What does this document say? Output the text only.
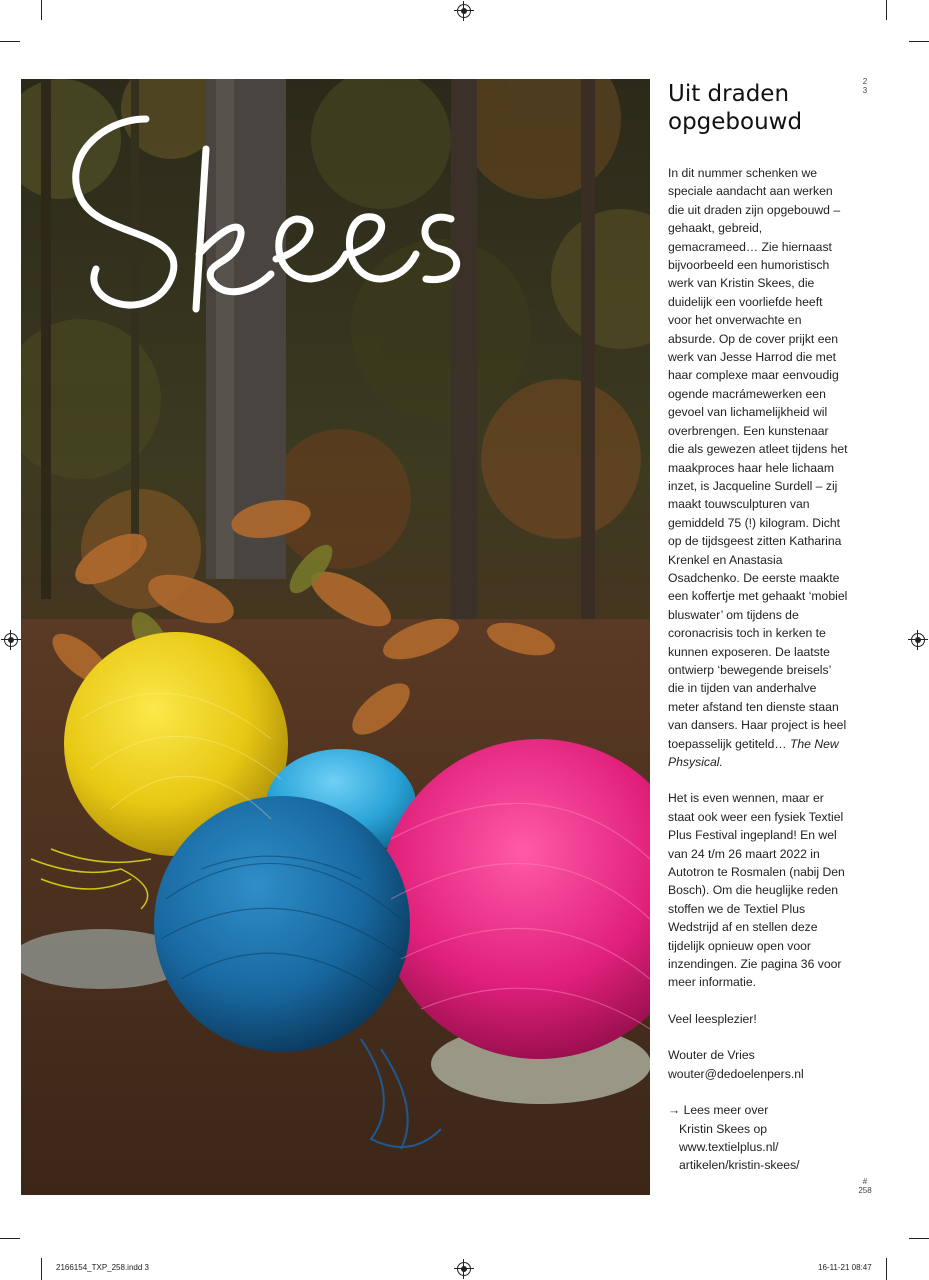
2
3
Uit draden
opgebouwd

In dit nummer schenken we speciale aandacht aan werken die uit draden zijn opgebouwd – gehaakt, gebreid, gemacrameed… Zie hiernaast bijvoorbeeld een humoristisch werk van Kristin Skees, die duidelijk een voorliefde heeft voor het onverwachte en absurde. Op de cover prijkt een werk van Jesse Harrod die met haar complexe maar eenvoudig ogende macrámewerken een gevoel van lichamelijkheid wil overbrengen. Een kunstenaar die als gewezen atleet tijdens het maakproces haar hele lichaam inzet, is Jacqueline Surdell – zij maakt touwsculpturen van gemiddeld 75 (!) kilogram. Dicht op de tijdsgeest zitten Katharina Krenkel en Anastasia Osadchenko. De eerste maakte een koffertje met gehaakt ‘mobiel bluswater’ om tijdens de coronacrisis toch in kerken te kunnen exposeren. De laatste ontwierp ‘bewegende breisels’ die in tijden van anderhalve meter afstand ten dienste staan van dansers. Haar project is heel toepasselijk getiteld… The New Phsysical.

Het is even wennen, maar er staat ook weer een fysiek Textiel Plus Festival ingepland! En wel van 24 t/m 26 maart 2022 in Autotron te Rosmalen (nabij Den Bosch). Om die heuglijke reden stoffen we de Textiel Plus Wedstrijd af en stellen deze tijdelijk opnieuw open voor inzendingen. Zie pagina 36 voor meer informatie.

Veel leesplezier!

Wouter de Vries

wouter@dedoelenpers.nl

→ Lees meer over
Kristin Skees op
www.textielplus.nl/
artikelen/kristin-skees/
#
258
2166154_TXP_258.indd 3	16-11-21 08:47
